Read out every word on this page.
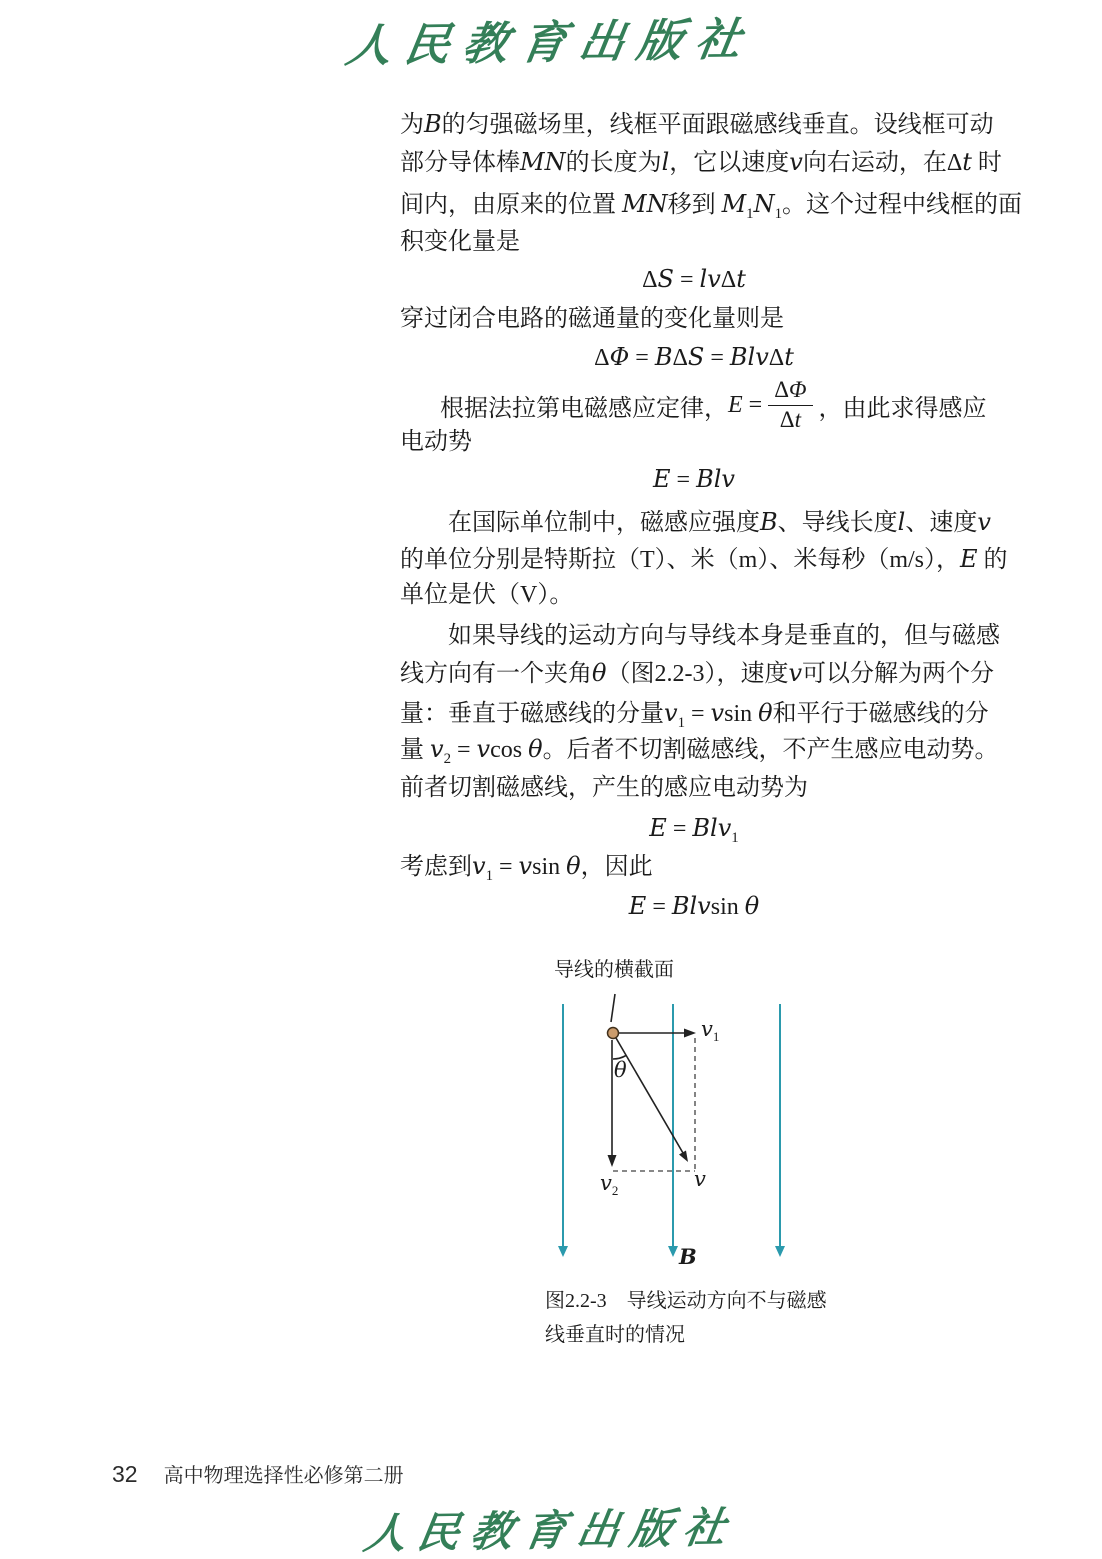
人民教育出版社
为B的匀强磁场里，线框平面跟磁感线垂直。设线框可动
部分导体棒MN的长度为l，它以速度v向右运动，在Δt 时
间内，由原来的位置 MN移到 $M_1N_1$。这个过程中线框的面
积变化量是
ΔS = lvΔt
穿过闭合电路的磁通量的变化量则是
ΔΦ = BΔS = BlvΔt
电动势
E = Blv
在国际单位制中，磁感应强度B、导线长度l、速度v
的单位分别是特斯拉（T）、米（m）、米每秒（m/s），E 的
单位是伏（V）。
如果导线的运动方向与导线本身是垂直的，但与磁感
线方向有一个夹角θ（图2.2-3），速度v可以分解为两个分
量：垂直于磁感线的分量$v_1 = vsin$ θ和平行于磁感线的分
量 $v_2 = vcos$ θ。后者不切割磁感线，不产生感应电动势。
前者切割磁感线，产生的感应电动势为
E = Blv$_1$
考虑到$v_1 = vsin$ θ，因此
E = Blvsin θ
根据法拉第电磁感应定律， $E = \frac{\Delta\Phi}{\Delta t}$ ，由此求得感应
导线的横截面
$v_1$
θ
$v_2$	v
B
图2.2-3　导线运动方向不与磁感
线垂直时的情况
32 高中物理选择性必修第二册
人民教育出版社
